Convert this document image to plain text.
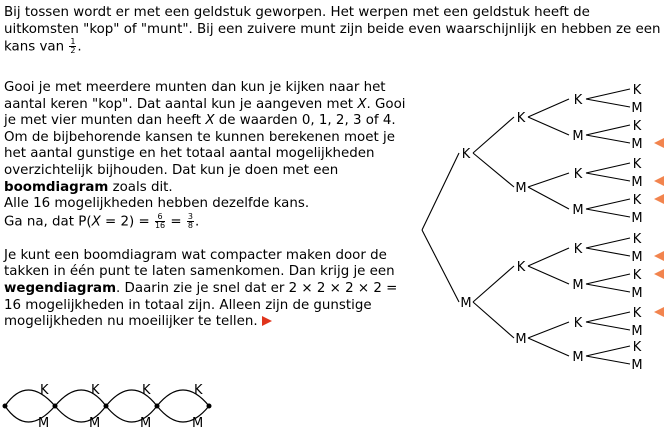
Bij tossen wordt er met een geldstuk geworpen. Het werpen met een geldstuk heeft de uitkomsten "kop" of "munt". Bij een zuivere munt zijn beide even waarschijnlijk en hebben ze een kans van $\frac{1}{2}$ .

Gooi je met meerdere munten dan kun je kijken naar het aantal keren "kop". Dat aantal kun je aangeven met X. Gooi je met vier munten dan heeft X de waarden 0, 1, 2, 3 of 4.
Om de bijbehorende kansen te kunnen berekenen moet je het aantal gunstige en het totaal aantal mogelijkheden overzichtelijk bijhouden. Dat kun je doen met een boomdiagram zoals dit.
Alle 16 mogelijkheden hebben dezelfde kans.
Ga na, dat $P(X = 2) = \frac{6}{16} = \frac{3}{8}$ .

Je kunt een boomdiagram wat compacter maken door de takken in één punt te laten samenkomen. Dan krijg je een wegendiagram. Daarin zie je snel dat er 2 × 2 × 2 × 2 = 16 mogelijkheden in totaal zijn. Alleen zijn de gunstige mogelijkheden nu moeilijker te tellen.

K	K	K	K
M	M	M	M
K
M
K
M
K
M
K
M
K
M
K
M
K
M
K
M
K
M
K
M
K
M
K
M
K
M
K
M
K
M
